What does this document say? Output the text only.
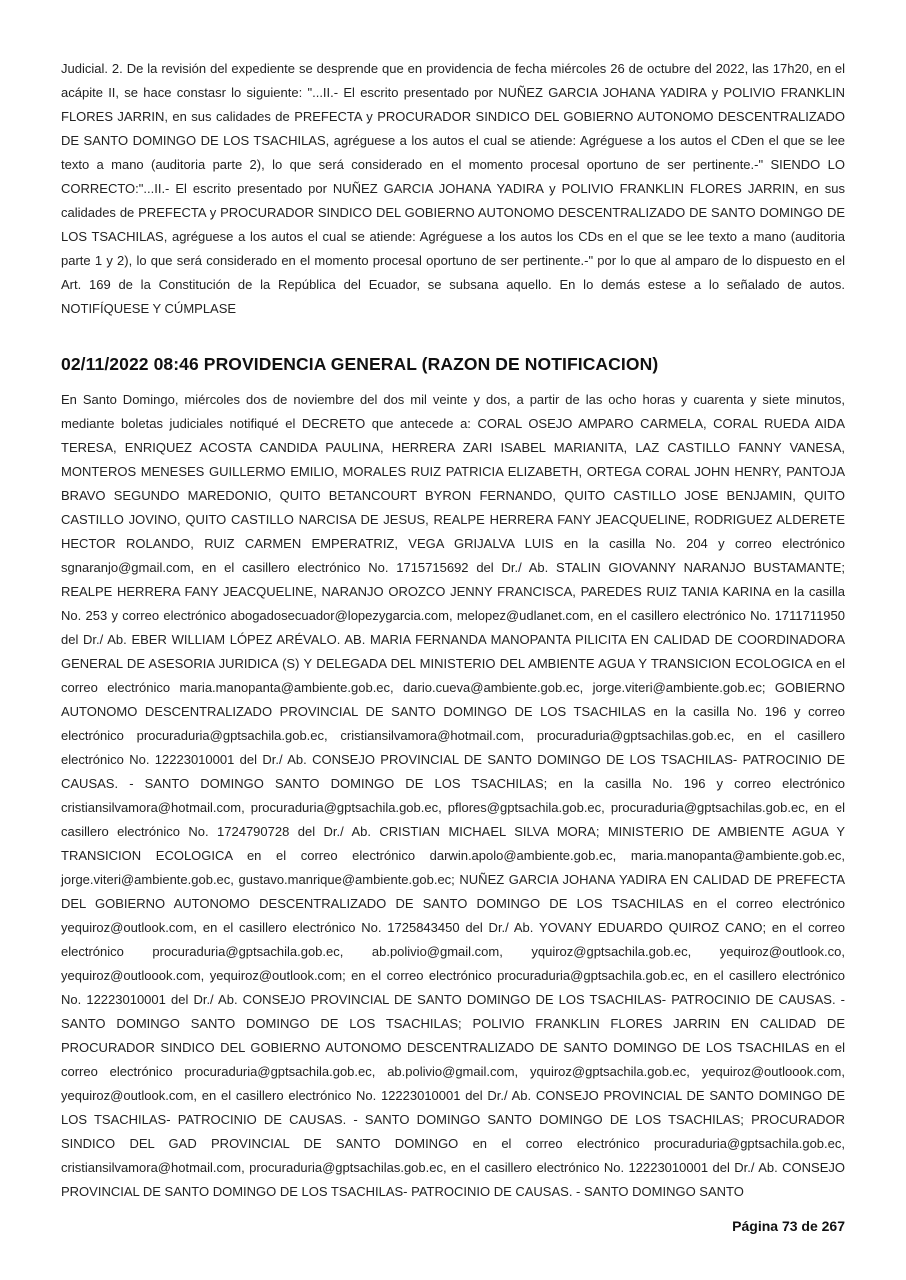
Judicial. 2. De la revisión del expediente se desprende que en providencia de fecha miércoles 26 de octubre del 2022, las 17h20, en el acápite II, se hace constasr lo siguiente: "...II.- El escrito presentado por NUÑEZ GARCIA JOHANA YADIRA y POLIVIO FRANKLIN FLORES JARRIN, en sus calidades de PREFECTA y PROCURADOR SINDICO DEL GOBIERNO AUTONOMO DESCENTRALIZADO DE SANTO DOMINGO DE LOS TSACHILAS, agréguese a los autos el cual se atiende: Agréguese a los autos el CDen el que se lee texto a mano (auditoria parte 2), lo que será considerado en el momento procesal oportuno de ser pertinente.-" SIENDO LO CORRECTO:"...II.- El escrito presentado por NUÑEZ GARCIA JOHANA YADIRA y POLIVIO FRANKLIN FLORES JARRIN, en sus calidades de PREFECTA y PROCURADOR SINDICO DEL GOBIERNO AUTONOMO DESCENTRALIZADO DE SANTO DOMINGO DE LOS TSACHILAS, agréguese a los autos el cual se atiende: Agréguese a los autos los CDs en el que se lee texto a mano (auditoria parte 1 y 2), lo que será considerado en el momento procesal oportuno de ser pertinente.-" por lo que al amparo de lo dispuesto en el Art. 169 de la Constitución de la República del Ecuador, se subsana aquello. En lo demás estese a lo señalado de autos. NOTIFÍQUESE Y CÚMPLASE

02/11/2022 08:46 PROVIDENCIA GENERAL (RAZON DE NOTIFICACION)

En Santo Domingo, miércoles dos de noviembre del dos mil veinte y dos, a partir de las ocho horas y cuarenta y siete minutos, mediante boletas judiciales notifiqué el DECRETO que antecede a: CORAL OSEJO AMPARO CARMELA, CORAL RUEDA AIDA TERESA, ENRIQUEZ ACOSTA CANDIDA PAULINA, HERRERA ZARI ISABEL MARIANITA, LAZ CASTILLO FANNY VANESA, MONTEROS MENESES GUILLERMO EMILIO, MORALES RUIZ PATRICIA ELIZABETH, ORTEGA CORAL JOHN HENRY, PANTOJA BRAVO SEGUNDO MAREDONIO, QUITO BETANCOURT BYRON FERNANDO, QUITO CASTILLO JOSE BENJAMIN, QUITO CASTILLO JOVINO, QUITO CASTILLO NARCISA DE JESUS, REALPE HERRERA FANY JEACQUELINE, RODRIGUEZ ALDERETE HECTOR ROLANDO, RUIZ CARMEN EMPERATRIZ, VEGA GRIJALVA LUIS en la casilla No. 204 y correo electrónico sgnaranjo@gmail.com, en el casillero electrónico No. 1715715692 del Dr./ Ab. STALIN GIOVANNY NARANJO BUSTAMANTE; REALPE HERRERA FANY JEACQUELINE, NARANJO OROZCO JENNY FRANCISCA, PAREDES RUIZ TANIA KARINA en la casilla No. 253 y correo electrónico abogadosecuador@lopezygarcia.com, melopez@udlanet.com, en el casillero electrónico No. 1711711950 del Dr./ Ab. EBER WILLIAM LÓPEZ ARÉVALO. AB. MARIA FERNANDA MANOPANTA PILICITA EN CALIDAD DE COORDINADORA GENERAL DE ASESORIA JURIDICA (S) Y DELEGADA DEL MINISTERIO DEL AMBIENTE AGUA Y TRANSICION ECOLOGICA en el correo electrónico maria.manopanta@ambiente.gob.ec, dario.cueva@ambiente.gob.ec, jorge.viteri@ambiente.gob.ec; GOBIERNO AUTONOMO DESCENTRALIZADO PROVINCIAL DE SANTO DOMINGO DE LOS TSACHILAS en la casilla No. 196 y correo electrónico procuraduria@gptsachila.gob.ec, cristiansilvamora@hotmail.com, procuraduria@gptsachilas.gob.ec, en el casillero electrónico No. 12223010001 del Dr./ Ab. CONSEJO PROVINCIAL DE SANTO DOMINGO DE LOS TSACHILAS- PATROCINIO DE CAUSAS. - SANTO DOMINGO SANTO DOMINGO DE LOS TSACHILAS; en la casilla No. 196 y correo electrónico cristiansilvamora@hotmail.com, procuraduria@gptsachila.gob.ec, pflores@gptsachila.gob.ec, procuraduria@gptsachilas.gob.ec, en el casillero electrónico No. 1724790728 del Dr./ Ab. CRISTIAN MICHAEL SILVA MORA; MINISTERIO DE AMBIENTE AGUA Y TRANSICION ECOLOGICA en el correo electrónico darwin.apolo@ambiente.gob.ec, maria.manopanta@ambiente.gob.ec, jorge.viteri@ambiente.gob.ec, gustavo.manrique@ambiente.gob.ec; NUÑEZ GARCIA JOHANA YADIRA EN CALIDAD DE PREFECTA DEL GOBIERNO AUTONOMO DESCENTRALIZADO DE SANTO DOMINGO DE LOS TSACHILAS en el correo electrónico yequiroz@outlook.com, en el casillero electrónico No. 1725843450 del Dr./ Ab. YOVANY EDUARDO QUIROZ CANO; en el correo electrónico procuraduria@gptsachila.gob.ec, ab.polivio@gmail.com, yquiroz@gptsachila.gob.ec, yequiroz@outlook.co, yequiroz@outloook.com, yequiroz@outlook.com; en el correo electrónico procuraduria@gptsachila.gob.ec, en el casillero electrónico No. 12223010001 del Dr./ Ab. CONSEJO PROVINCIAL DE SANTO DOMINGO DE LOS TSACHILAS- PATROCINIO DE CAUSAS. - SANTO DOMINGO SANTO DOMINGO DE LOS TSACHILAS; POLIVIO FRANKLIN FLORES JARRIN EN CALIDAD DE PROCURADOR SINDICO DEL GOBIERNO AUTONOMO DESCENTRALIZADO DE SANTO DOMINGO DE LOS TSACHILAS en el correo electrónico procuraduria@gptsachila.gob.ec, ab.polivio@gmail.com, yquiroz@gptsachila.gob.ec, yequiroz@outloook.com, yequiroz@outlook.com, en el casillero electrónico No. 12223010001 del Dr./ Ab. CONSEJO PROVINCIAL DE SANTO DOMINGO DE LOS TSACHILAS- PATROCINIO DE CAUSAS. - SANTO DOMINGO SANTO DOMINGO DE LOS TSACHILAS; PROCURADOR SINDICO DEL GAD PROVINCIAL DE SANTO DOMINGO en el correo electrónico procuraduria@gptsachila.gob.ec, cristiansilvamora@hotmail.com, procuraduria@gptsachilas.gob.ec, en el casillero electrónico No. 12223010001 del Dr./ Ab. CONSEJO PROVINCIAL DE SANTO DOMINGO DE LOS TSACHILAS- PATROCINIO DE CAUSAS. - SANTO DOMINGO SANTO

Página 73 de 267
